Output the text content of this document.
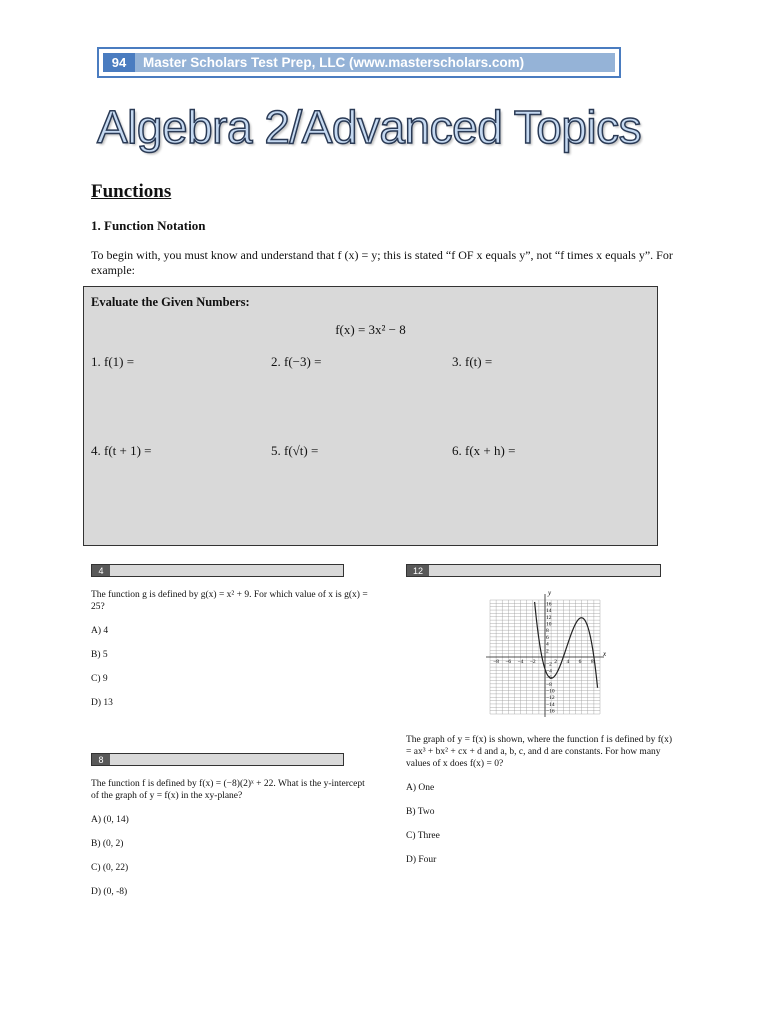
94	Master Scholars Test Prep, LLC (www.masterscholars.com)
Algebra 2/Advanced Topics
Functions
1. Function Notation
To begin with, you must know and understand that f (x) = y; this is stated “f OF x equals y”, not “f times x equals y”. For example:
Evaluate the Given Numbers:
f(x) = 3x² − 8
1. f(1) =	2. f(−3) =	3. f(t) =
4. f(t + 1) =	5. f(√t) =	6. f(x + h) =
4
The function g is defined by g(x) = x² + 9. For which value of x is g(x) = 25?
A) 4
B) 5
C) 9
D) 13
8
The function f is defined by f(x) = (−8)(2)ˣ + 22. What is the y-intercept of the graph of y = f(x) in the xy-plane?
A) (0, 14)
B) (0, 2)
C) (0, 22)
D) (0, -8)
12
16
14
12
10
8
6
4
2
−2
−4
−6
−8
−10
−12
−14
−16
−8 −6 −4 −2	2 4 6 8
y
x
The graph of y = f(x) is shown, where the function f is defined by f(x) = ax³ + bx² + cx + d and a, b, c, and d are constants. For how many values of x does f(x) = 0?
A) One
B) Two
C) Three
D) Four
